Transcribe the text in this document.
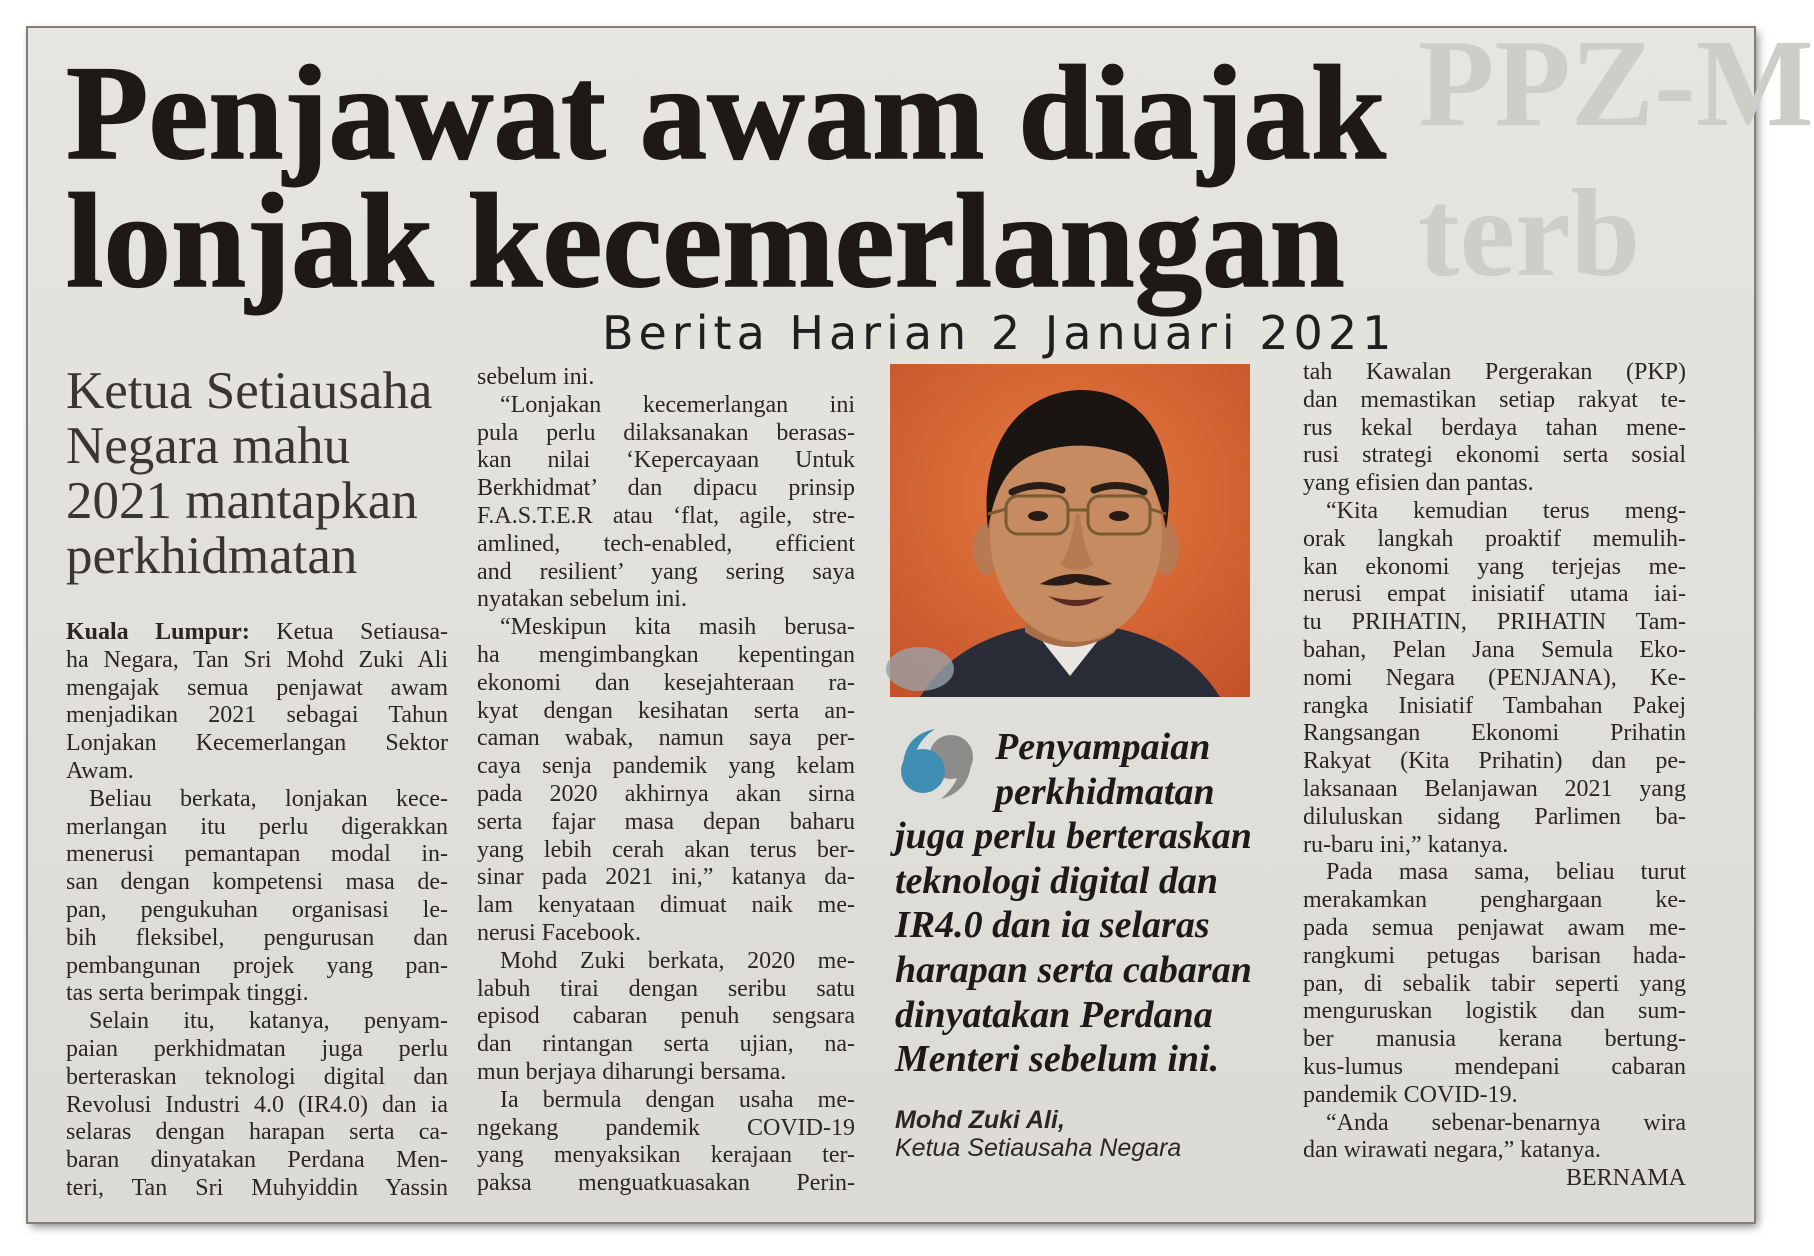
PPZ-M
terb
Penjawat awam diajak
lonjak kecemerlangan
Berita Harian 2 Januari 2021
Ketua Setiausaha
Negara mahu
2021 mantapkan
perkhidmatan
Kuala Lumpur: Ketua Setiausa-
ha Negara, Tan Sri Mohd Zuki Ali
mengajak semua penjawat awam
menjadikan 2021 sebagai Tahun
Lonjakan Kecemerlangan Sektor
Awam.
Beliau berkata, lonjakan kece-
merlangan itu perlu digerakkan
menerusi pemantapan modal in-
san dengan kompetensi masa de-
pan, pengukuhan organisasi le-
bih fleksibel, pengurusan dan
pembangunan projek yang pan-
tas serta berimpak tinggi.
Selain itu, katanya, penyam-
paian perkhidmatan juga perlu
berteraskan teknologi digital dan
Revolusi Industri 4.0 (IR4.0) dan ia
selaras dengan harapan serta ca-
baran dinyatakan Perdana Men-
teri, Tan Sri Muhyiddin Yassin
sebelum ini.
“Lonjakan kecemerlangan ini
pula perlu dilaksanakan berasas-
kan nilai ‘Kepercayaan Untuk
Berkhidmat’ dan dipacu prinsip
F.A.S.T.E.R atau ‘flat, agile, stre-
amlined, tech-enabled, efficient
and resilient’ yang sering saya
nyatakan sebelum ini.
“Meskipun kita masih berusa-
ha mengimbangkan kepentingan
ekonomi dan kesejahteraan ra-
kyat dengan kesihatan serta an-
caman wabak, namun saya per-
caya senja pandemik yang kelam
pada 2020 akhirnya akan sirna
serta fajar masa depan baharu
yang lebih cerah akan terus ber-
sinar pada 2021 ini,” katanya da-
lam kenyataan dimuat naik me-
nerusi Facebook.
Mohd Zuki berkata, 2020 me-
labuh tirai dengan seribu satu
episod cabaran penuh sengsara
dan rintangan serta ujian, na-
mun berjaya diharungi bersama.
Ia bermula dengan usaha me-
ngekang pandemik COVID-19
yang menyaksikan kerajaan ter-
paksa menguatkuasakan Perin-
Penyampaian
perkhidmatan
juga perlu berteraskan
teknologi digital dan
IR4.0 dan ia selaras
harapan serta cabaran
dinyatakan Perdana
Menteri sebelum ini.
Mohd Zuki Ali,
Ketua Setiausaha Negara
tah Kawalan Pergerakan (PKP)
dan memastikan setiap rakyat te-
rus kekal berdaya tahan mene-
rusi strategi ekonomi serta sosial
yang efisien dan pantas.
“Kita kemudian terus meng-
orak langkah proaktif memulih-
kan ekonomi yang terjejas me-
nerusi empat inisiatif utama iai-
tu PRIHATIN, PRIHATIN Tam-
bahan, Pelan Jana Semula Eko-
nomi Negara (PENJANA), Ke-
rangka Inisiatif Tambahan Pakej
Rangsangan Ekonomi Prihatin
Rakyat (Kita Prihatin) dan pe-
laksanaan Belanjawan 2021 yang
diluluskan sidang Parlimen ba-
ru-baru ini,” katanya.
Pada masa sama, beliau turut
merakamkan penghargaan ke-
pada semua penjawat awam me-
rangkumi petugas barisan hada-
pan, di sebalik tabir seperti yang
menguruskan logistik dan sum-
ber manusia kerana bertung-
kus-lumus mendepani cabaran
pandemik COVID-19.
“Anda sebenar-benarnya wira
dan wirawati negara,” katanya.
BERNAMA
